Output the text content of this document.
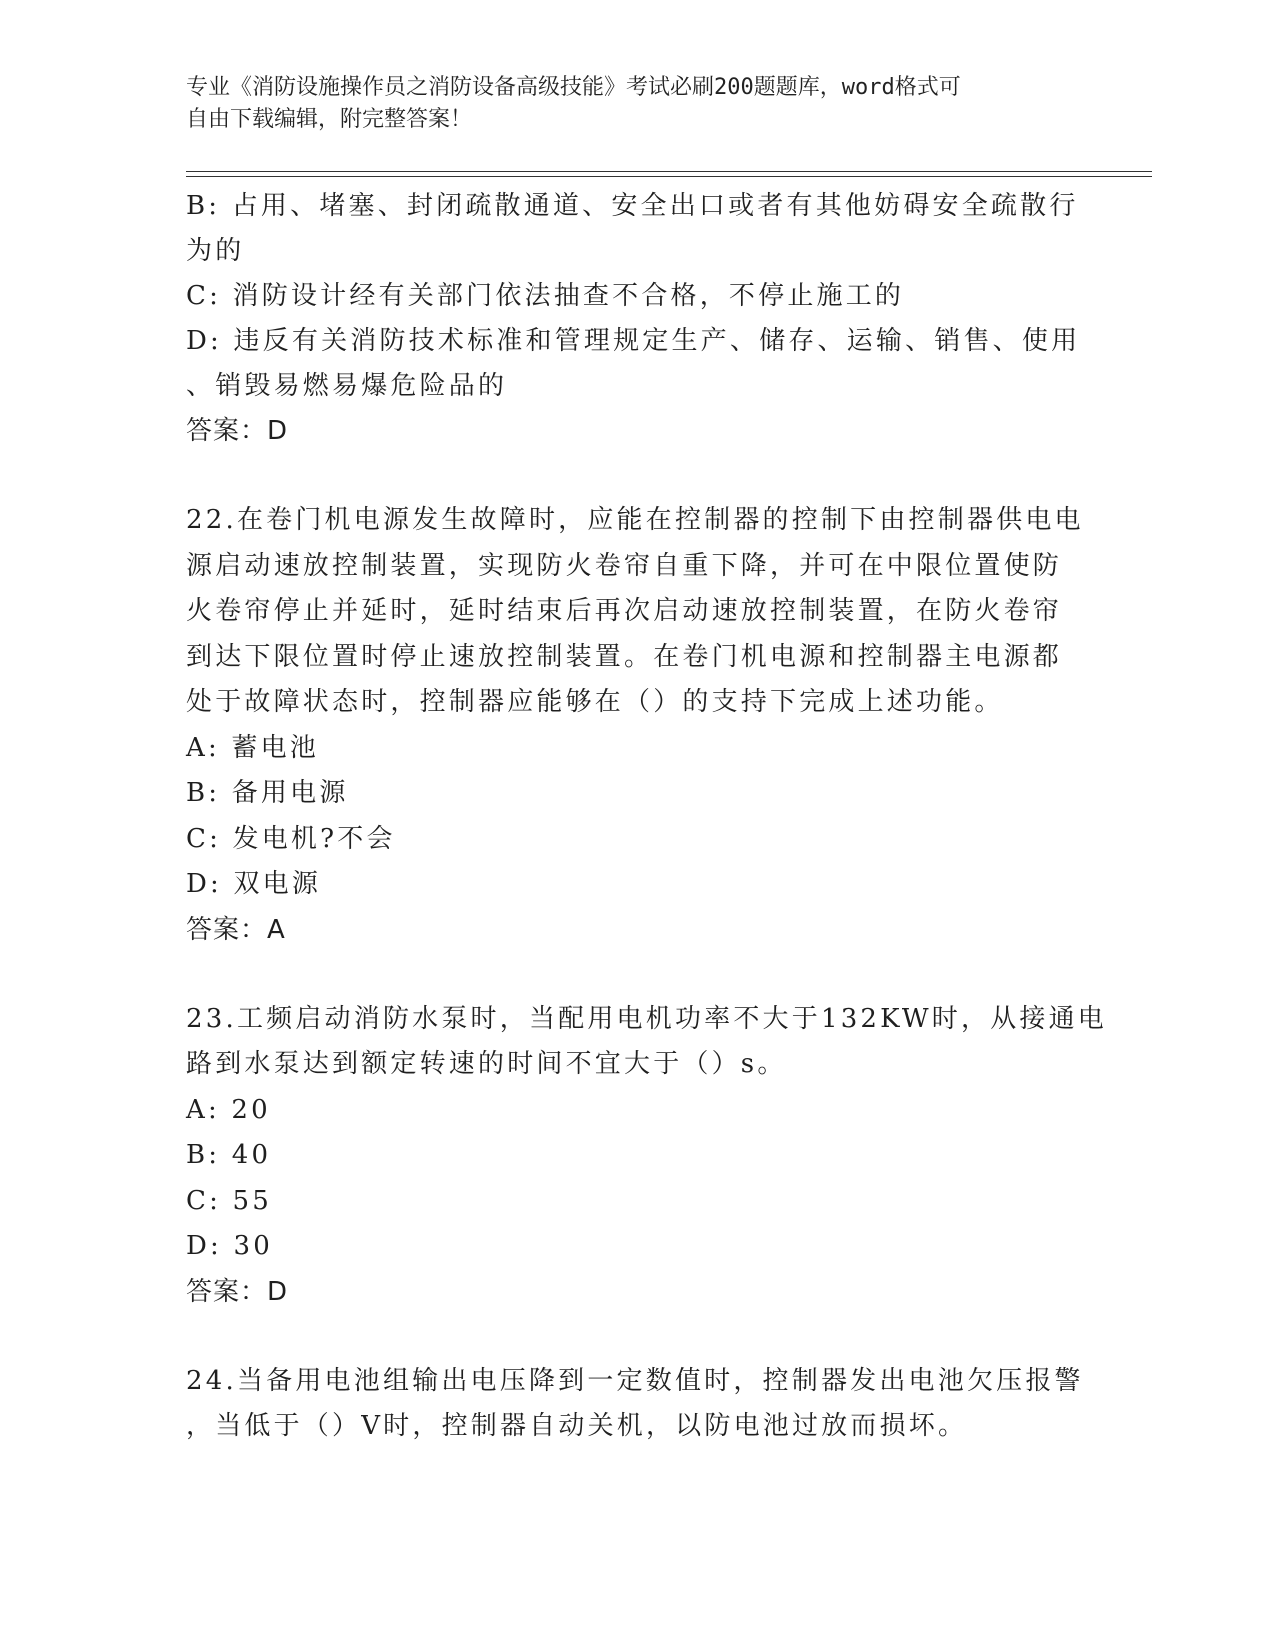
专业《消防设施操作员之消防设备高级技能》考试必刷200题题库，word格式可
自由下载编辑，附完整答案！
B: 占用、堵塞、封闭疏散通道、安全出口或者有其他妨碍安全疏散行
为的
C: 消防设计经有关部门依法抽查不合格，不停止施工的
D: 违反有关消防技术标准和管理规定生产、储存、运输、销售、使用
、销毁易燃易爆危险品的
答案：D
22.在卷门机电源发生故障时，应能在控制器的控制下由控制器供电电
源启动速放控制装置，实现防火卷帘自重下降，并可在中限位置使防
火卷帘停止并延时，延时结束后再次启动速放控制装置，在防火卷帘
到达下限位置时停止速放控制装置。在卷门机电源和控制器主电源都
处于故障状态时，控制器应能够在（）的支持下完成上述功能。
A: 蓄电池
B: 备用电源
C: 发电机?不会
D: 双电源
答案：A
23.工频启动消防水泵时，当配用电机功率不大于132KW时，从接通电
路到水泵达到额定转速的时间不宜大于（）s。
A: 20
B: 40
C: 55
D: 30
答案：D
24.当备用电池组输出电压降到一定数值时，控制器发出电池欠压报警
，当低于（）V时，控制器自动关机，以防电池过放而损坏。
